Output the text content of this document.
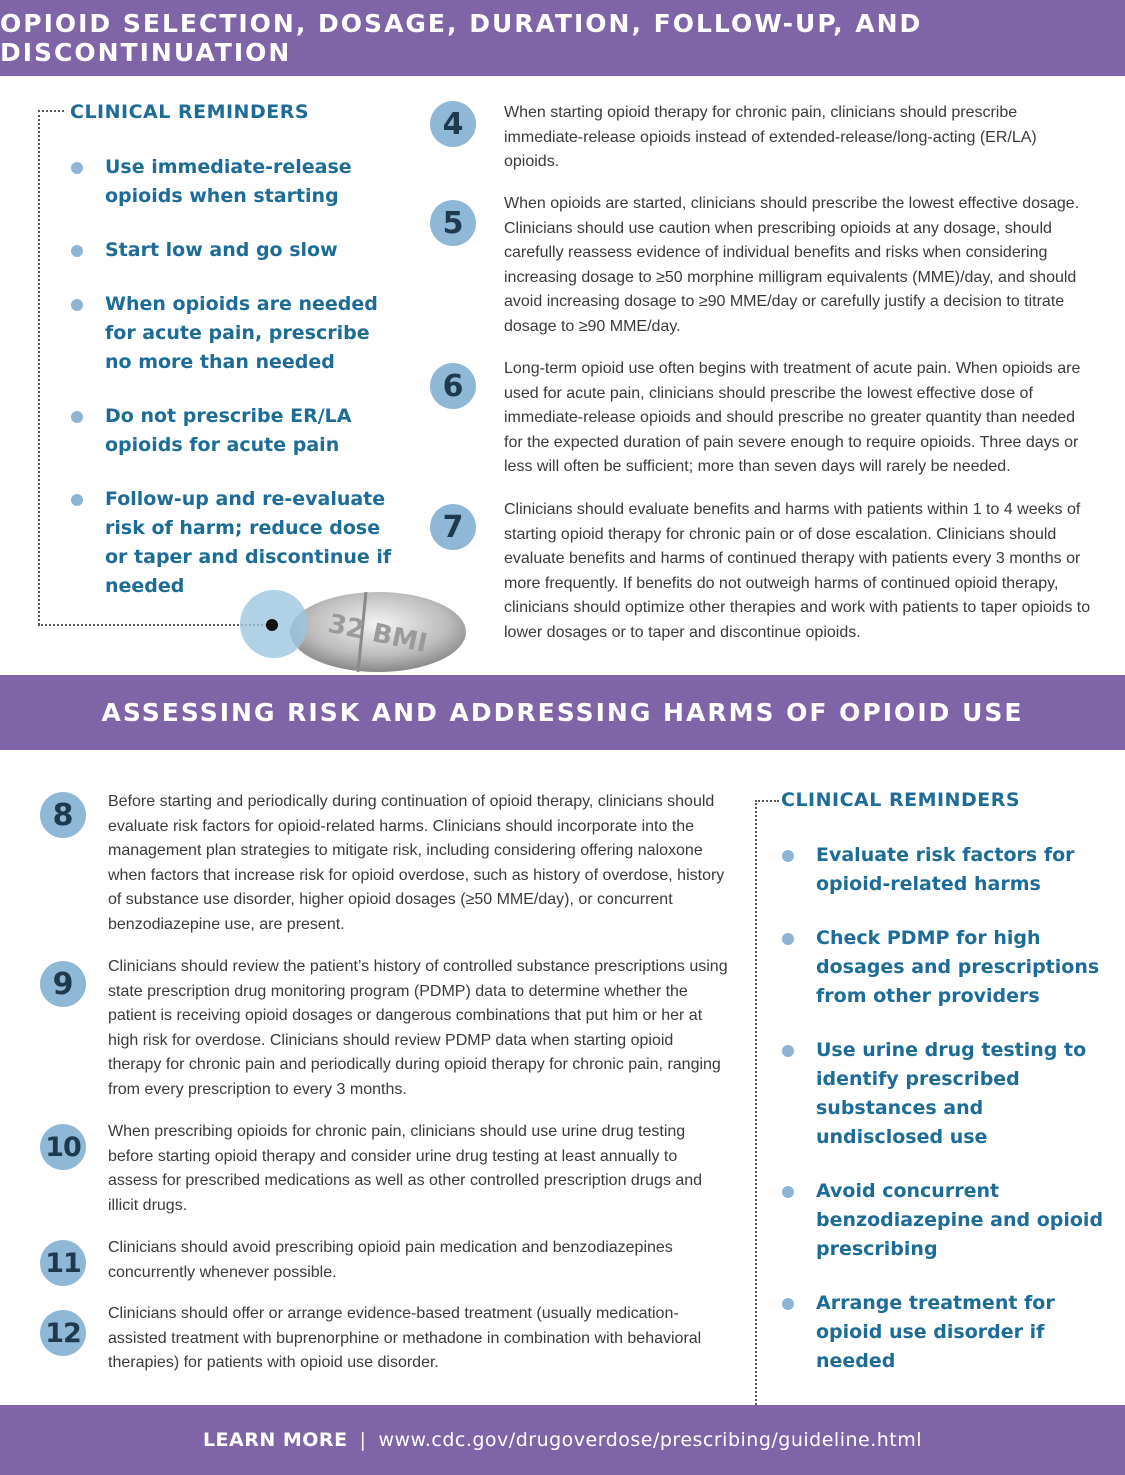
OPIOID SELECTION, DOSAGE, DURATION, FOLLOW-UP, AND DISCONTINUATION
CLINICAL REMINDERS
Use immediate-release opioids when starting
Start low and go slow
When opioids are needed for acute pain, prescribe no more than needed
Do not prescribe ER/LA opioids for acute pain
Follow-up and re-evaluate risk of harm; reduce dose or taper and discontinue if needed
32 BMI
4	When starting opioid therapy for chronic pain, clinicians should prescribe immediate-release opioids instead of extended-release/long-acting (ER/LA) opioids.
5
When opioids are started, clinicians should prescribe the lowest effective dosage. Clinicians should use caution when prescribing opioids at any dosage, should carefully reassess evidence of individual benefits and risks when considering increasing dosage to ≥50 morphine milligram equivalents (MME)/day, and should avoid increasing dosage to ≥90 MME/day or carefully justify a decision to titrate dosage to ≥90 MME/day.
6	Long-term opioid use often begins with treatment of acute pain. When opioids are used for acute pain, clinicians should prescribe the lowest effective dose of immediate-release opioids and should prescribe no greater quantity than needed for the expected duration of pain severe enough to require opioids. Three days or less will often be sufficient; more than seven days will rarely be needed.
7	Clinicians should evaluate benefits and harms with patients within 1 to 4 weeks of starting opioid therapy for chronic pain or of dose escalation. Clinicians should evaluate benefits and harms of continued therapy with patients every 3 months or more frequently. If benefits do not outweigh harms of continued opioid therapy, clinicians should optimize other therapies and work with patients to taper opioids to lower dosages or to taper and discontinue opioids.
ASSESSING RISK AND ADDRESSING HARMS OF OPIOID USE
8	Before starting and periodically during continuation of opioid therapy, clinicians should evaluate risk factors for opioid-related harms. Clinicians should incorporate into the management plan strategies to mitigate risk, including considering offering naloxone when factors that increase risk for opioid overdose, such as history of overdose, history of substance use disorder, higher opioid dosages (≥50 MME/day), or concurrent benzodiazepine use, are present.
9	Clinicians should review the patient’s history of controlled substance prescriptions using state prescription drug monitoring program (PDMP) data to determine whether the patient is receiving opioid dosages or dangerous combinations that put him or her at high risk for overdose. Clinicians should review PDMP data when starting opioid therapy for chronic pain and periodically during opioid therapy for chronic pain, ranging from every prescription to every 3 months.
10	When prescribing opioids for chronic pain, clinicians should use urine drug testing before starting opioid therapy and consider urine drug testing at least annually to assess for prescribed medications as well as other controlled prescription drugs and illicit drugs.
11	Clinicians should avoid prescribing opioid pain medication and benzodiazepines concurrently whenever possible.
12
Clinicians should offer or arrange evidence-based treatment (usually medication-assisted treatment with buprenorphine or methadone in combination with behavioral therapies) for patients with opioid use disorder.
CLINICAL REMINDERS
Evaluate risk factors for opioid-related harms
Check PDMP for high dosages and prescriptions from other providers
Use urine drug testing to identify prescribed substances and undisclosed use
Avoid concurrent benzodiazepine and opioid prescribing
Arrange treatment for opioid use disorder if needed
LEARN MORE | www.cdc.gov/drugoverdose/prescribing/guideline.html
